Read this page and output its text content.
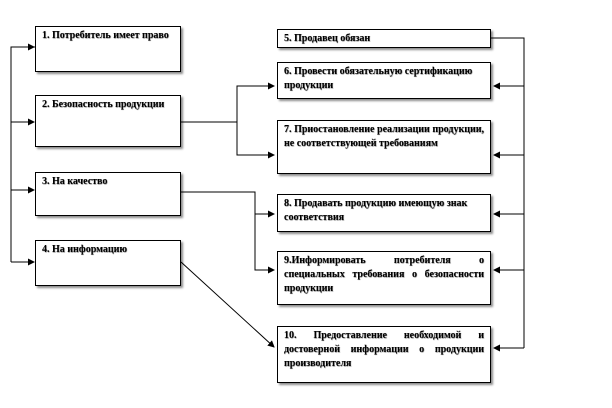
1. Потребитель имеет право
2. Безопасность продукции
3. На качество
4. На информацию
5. Продавец обязан
6. Провести обязательную сертификацию продукции
7. Приостановление реализации продукции, не соответствующей требованиям
8. Продавать продукцию имеющую знак соответствия
9.Информировать потребителя о специальных требования о безопасности продукции
10. Предоставление необходимой и достоверной информации о продукции производителя
